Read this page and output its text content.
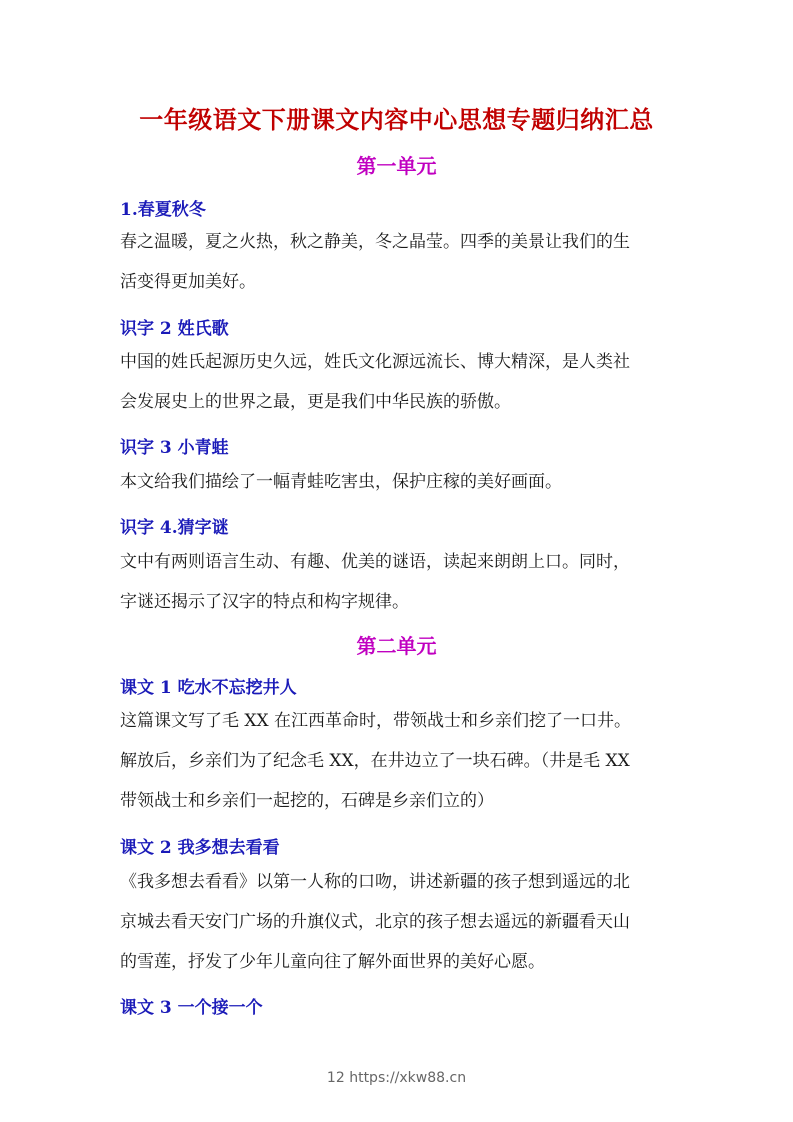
一年级语文下册课文内容中心思想专题归纳汇总
第一单元
1.春夏秋冬

春之温暖，夏之火热，秋之静美，冬之晶莹。四季的美景让我们的生
活变得更加美好。

识字 2 姓氏歌

中国的姓氏起源历史久远，姓氏文化源远流长、博大精深，是人类社
会发展史上的世界之最，更是我们中华民族的骄傲。

识字 3 小青蛙

本文给我们描绘了一幅青蛙吃害虫，保护庄稼的美好画面。

识字 4.猜字谜

文中有两则语言生动、有趣、优美的谜语，读起来朗朗上口。同时，
字谜还揭示了汉字的特点和构字规律。

第二单元
课文 1 吃水不忘挖井人

这篇课文写了毛 XX 在江西革命时，带领战士和乡亲们挖了一口井。
解放后，乡亲们为了纪念毛 XX，在井边立了一块石碑。（井是毛 XX
带领战士和乡亲们一起挖的，石碑是乡亲们立的）

课文 2 我多想去看看

《我多想去看看》以第一人称的口吻，讲述新疆的孩子想到遥远的北
京城去看天安门广场的升旗仪式，北京的孩子想去遥远的新疆看天山
的雪莲，抒发了少年儿童向往了解外面世界的美好心愿。

课文 3 一个接一个
12 https://xkw88.cn
